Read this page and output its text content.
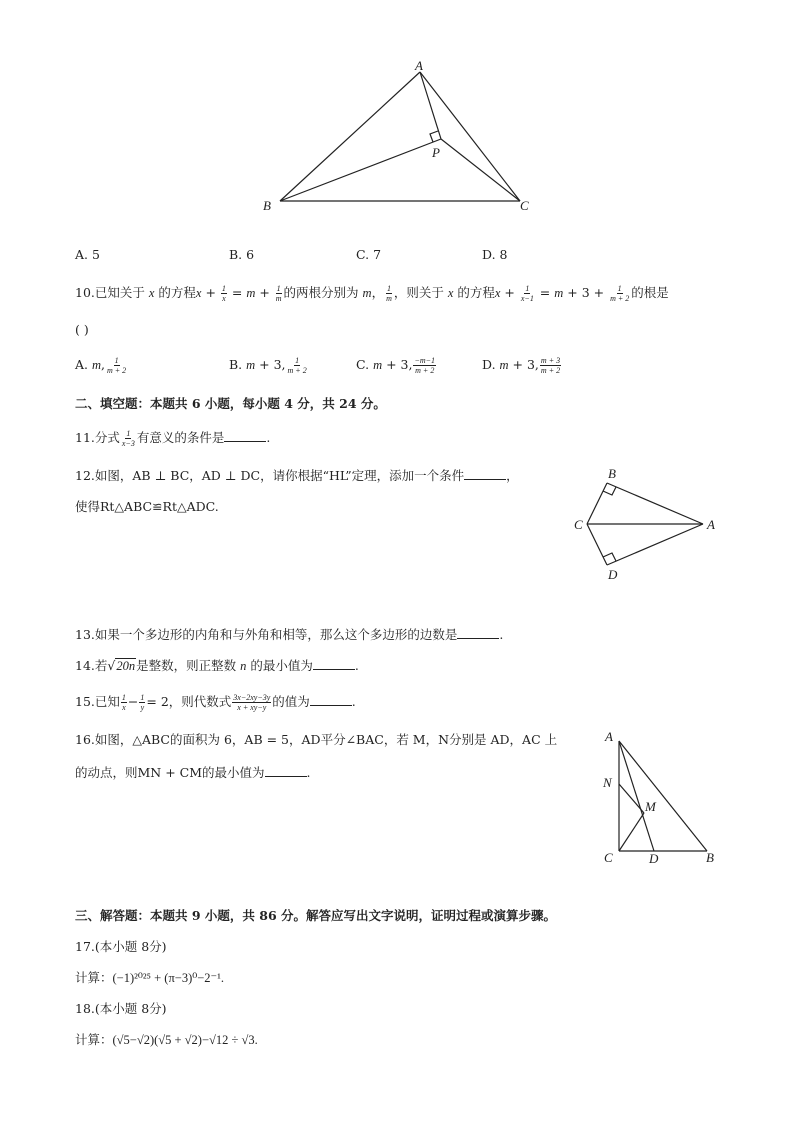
A
B	C
P
A. 5	B. 6	C. 7	D. 8
10.已知关于 x 的方程$x + \frac{1}{x} = m + \frac{1}{m}$ 的两根分别为 m， $\frac{1}{m}$ ，则关于 x 的方程$x + \frac{1}{x-1} = m + 3 + \frac{1}{m + 2}$ 的根是
( )
A. m, $\frac{1}{m + 2}$	B. m + 3, $\frac{1}{m + 2}$	C. m + 3, $\frac{-m-1}{m + 2}$	D. m + 3, $\frac{m + 3}{m + 2}$
二、填空题：本题共 6 小题，每小题 4 分，共 24 分。
11.分式 $\frac{1}{x-3}$ 有意义的条件是	.
12.如图，AB ⊥ BC，AD ⊥ DC，请你根据“HL”定理，添加一个条件	，
使得Rt△ABC≌Rt△ADC.
B
C	A
D
13.如果一个多边形的内角和与外角和相等，那么这个多边形的边数是	.
14.若√20n是整数，则正整数 n 的最小值为	.
15.已知 $\frac{1}{x} - \frac{1}{y} = 2$，则代数式 $\frac{3x-2xy-3y}{x + xy-y}$ 的值为	.
16.如图，△ABC的面积为 6，AB = 5，AD平分∠BAC，若 M，N分别是 AD，AC 上
的动点，则MN + CM的最小值为	.
A
N
M
C	D	B
三、解答题：本题共 9 小题，共 86 分。解答应写出文字说明，证明过程或演算步骤。
17.(本小题 8分)
计算：(−1)²⁰²⁵ + (π−3)⁰−2⁻¹.
18.(本小题 8分)
计算：(√5−√2)(√5 + √2)−√12 ÷ √3.
